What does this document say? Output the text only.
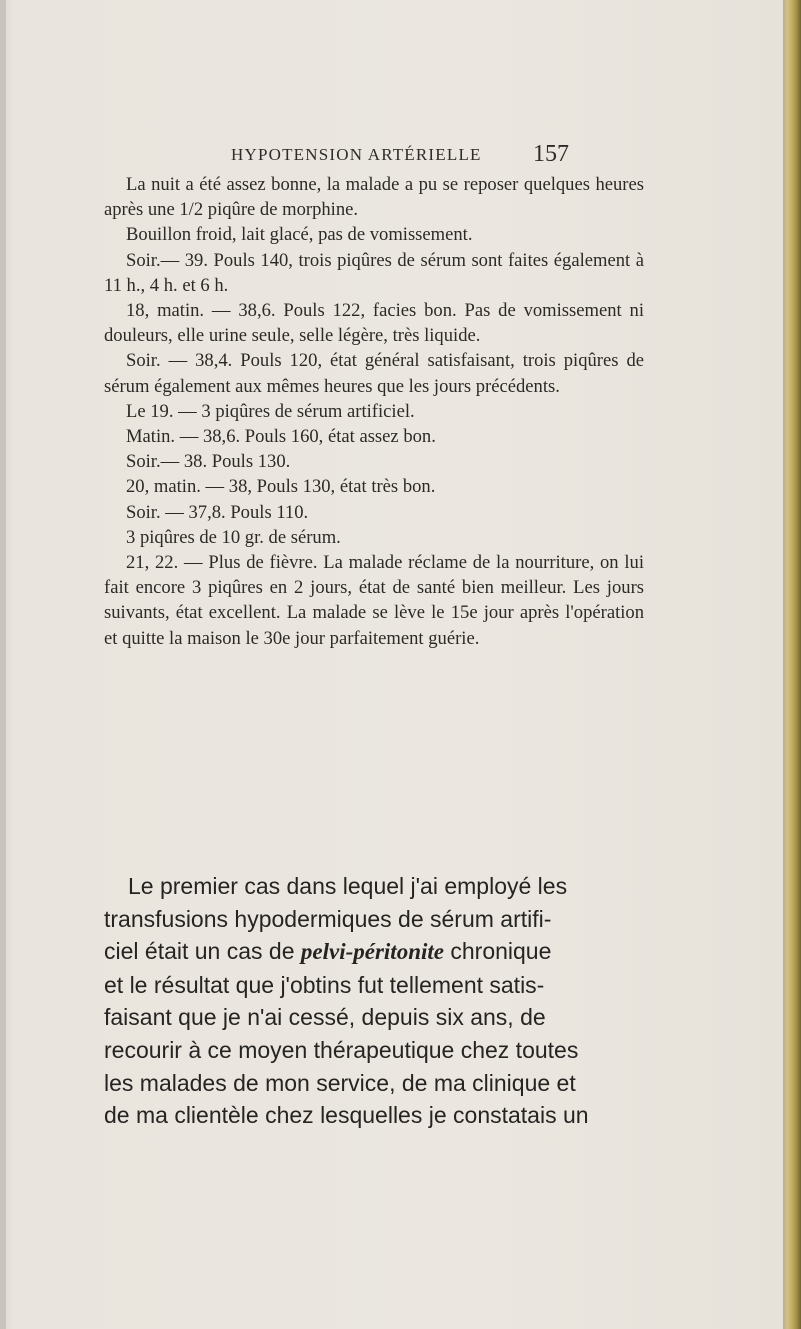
HYPOTENSION ARTÉRIELLE 157

La nuit a été assez bonne, la malade a pu se reposer quelques heures après une 1/2 piqûre de morphine.

Bouillon froid, lait glacé, pas de vomissement.

Soir.— 39. Pouls 140, trois piqûres de sérum sont faites également à 11 h., 4 h. et 6 h.

18, matin. — 38,6. Pouls 122, facies bon. Pas de vomissement ni douleurs, elle urine seule, selle légère, très liquide.

Soir. — 38,4. Pouls 120, état général satisfaisant, trois piqûres de sérum également aux mêmes heures que les jours précédents.

Le 19. — 3 piqûres de sérum artificiel.

Matin. — 38,6. Pouls 160, état assez bon.

Soir.— 38. Pouls 130.

20, matin. — 38, Pouls 130, état très bon.

Soir. — 37,8. Pouls 110.

3 piqûres de 10 gr. de sérum.

21, 22. — Plus de fièvre. La malade réclame de la nourriture, on lui fait encore 3 piqûres en 2 jours, état de santé bien meilleur. Les jours suivants, état excellent. La malade se lève le 15e jour après l'opération et quitte la maison le 30e jour parfaitement guérie.

Le premier cas dans lequel j'ai employé les
transfusions hypodermiques de sérum artifi-
ciel était un cas de pelvi-péritonite chronique
et le résultat que j'obtins fut tellement satis-
faisant que je n'ai cessé, depuis six ans, de
recourir à ce moyen thérapeutique chez toutes
les malades de mon service, de ma clinique et
de ma clientèle chez lesquelles je constatais un
